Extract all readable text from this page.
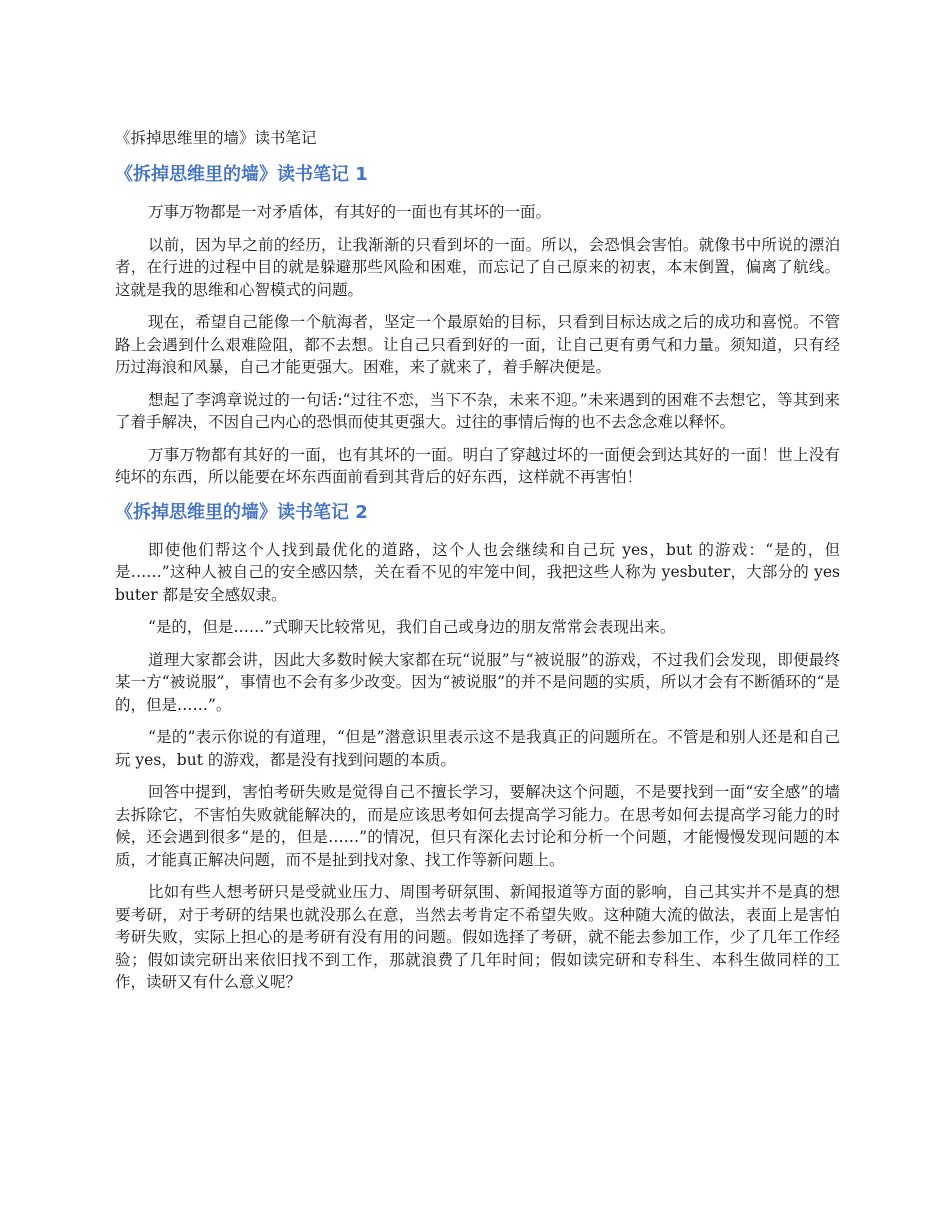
《拆掉思维里的墙》读书笔记
《拆掉思维里的墙》读书笔记 1

万事万物都是一对矛盾体，有其好的一面也有其坏的一面。

以前，因为早之前的经历，让我渐渐的只看到坏的一面。所以，会恐惧会害怕。就像书中所说的漂泊者，在行进的过程中目的就是躲避那些风险和困难，而忘记了自己原来的初衷，本末倒置，偏离了航线。这就是我的思维和心智模式的问题。

现在，希望自己能像一个航海者，坚定一个最原始的目标，只看到目标达成之后的成功和喜悦。不管路上会遇到什么艰难险阻，都不去想。让自己只看到好的一面，让自己更有勇气和力量。须知道，只有经历过海浪和风暴，自己才能更强大。困难，来了就来了，着手解决便是。

想起了李鸿章说过的一句话:“过往不恋，当下不杂，未来不迎。”未来遇到的困难不去想它，等其到来了着手解决，不因自己内心的恐惧而使其更强大。过往的事情后悔的也不去念念难以释怀。

万事万物都有其好的一面，也有其坏的一面。明白了穿越过坏的一面便会到达其好的一面！世上没有纯坏的东西，所以能要在坏东西面前看到其背后的好东西，这样就不再害怕！

《拆掉思维里的墙》读书笔记 2

即使他们帮这个人找到最优化的道路，这个人也会继续和自己玩 yes，but 的游戏：“是的，但是……”这种人被自己的安全感囚禁，关在看不见的牢笼中间，我把这些人称为 yesbuter，大部分的 yesbuter 都是安全感奴隶。

“是的，但是……”式聊天比较常见，我们自己或身边的朋友常常会表现出来。

道理大家都会讲，因此大多数时候大家都在玩“说服”与“被说服”的游戏，不过我们会发现，即便最终某一方“被说服”，事情也不会有多少改变。因为“被说服”的并不是问题的实质，所以才会有不断循环的“是的，但是……”。

“是的”表示你说的有道理，“但是”潜意识里表示这不是我真正的问题所在。不管是和别人还是和自己玩 yes，but 的游戏，都是没有找到问题的本质。

回答中提到，害怕考研失败是觉得自己不擅长学习，要解决这个问题，不是要找到一面“安全感”的墙去拆除它，不害怕失败就能解决的，而是应该思考如何去提高学习能力。在思考如何去提高学习能力的时候，还会遇到很多“是的，但是……”的情况，但只有深化去讨论和分析一个问题，才能慢慢发现问题的本质，才能真正解决问题，而不是扯到找对象、找工作等新问题上。

比如有些人想考研只是受就业压力、周围考研氛围、新闻报道等方面的影响，自己其实并不是真的想要考研，对于考研的结果也就没那么在意，当然去考肯定不希望失败。这种随大流的做法，表面上是害怕考研失败，实际上担心的是考研有没有用的问题。假如选择了考研，就不能去参加工作，少了几年工作经验；假如读完研出来依旧找不到工作，那就浪费了几年时间；假如读完研和专科生、本科生做同样的工作，读研又有什么意义呢？
